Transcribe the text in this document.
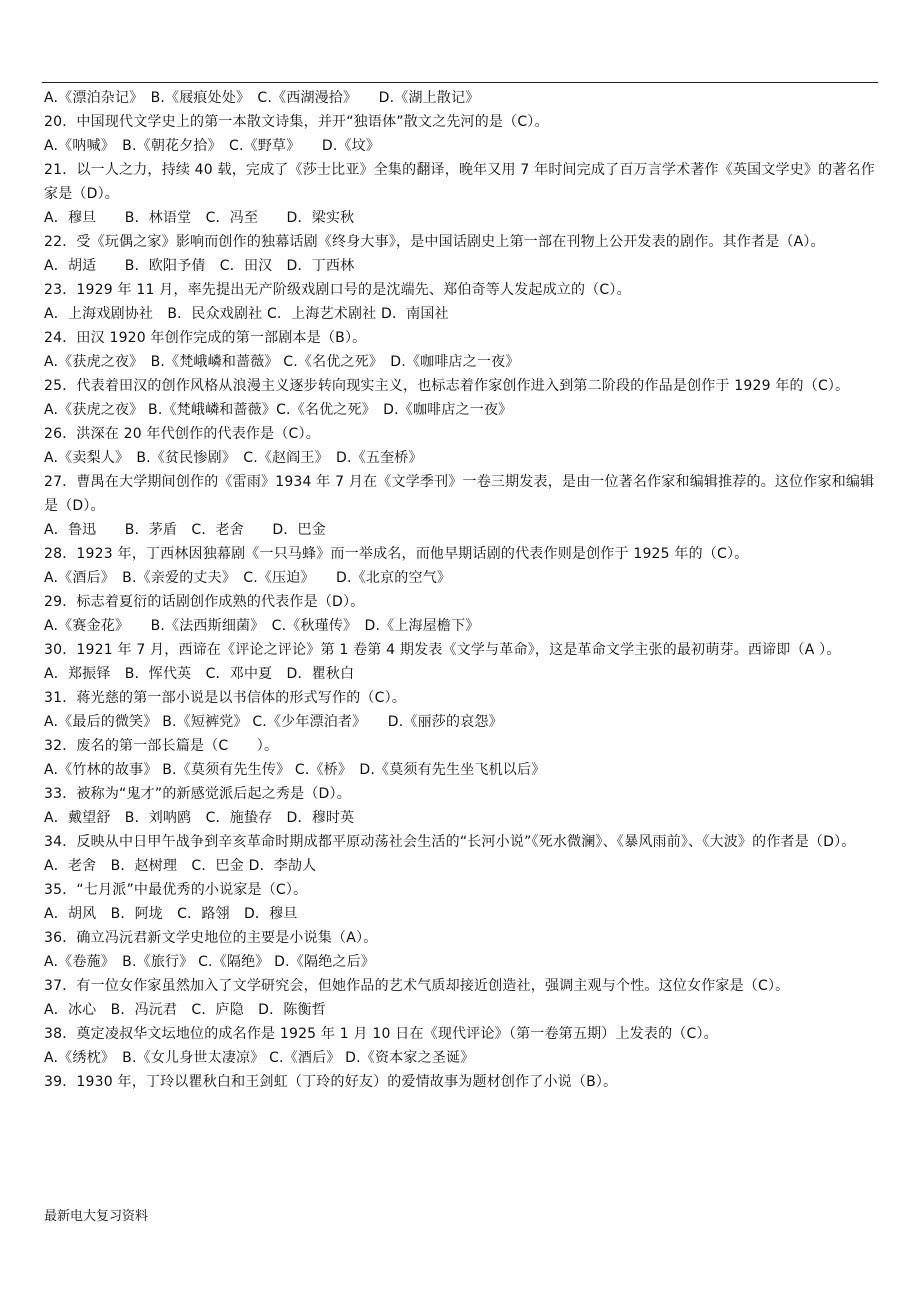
A.《漂泊杂记》　B.《屐痕处处》　C.《西湖漫拾》　　D.《湖上散记》
20．中国现代文学史上的第一本散文诗集，并开“独语体”散文之先河的是（C）。
A.《呐喊》　B.《朝花夕拾》　C.《野草》　　D.《坟》
21．以一人之力，持续 40 载，完成了《莎士比亚》全集的翻译，晚年又用 7 年时间完成了百万言学术著作《英国文学史》的著名作家是（D）。
A．穆旦　　B．林语堂　C．冯至　　D．梁实秋
22．受《玩偶之家》影响而创作的独幕话剧《终身大事》，是中国话剧史上第一部在刊物上公开发表的剧作。其作者是（A）。
A．胡适　　B．欧阳予倩　C．田汉　D．丁西林
23．1929 年 11 月，率先提出无产阶级戏剧口号的是沈端先、郑伯奇等人发起成立的（C）。
A．上海戏剧协社　B．民众戏剧社 C．上海艺术剧社 D．南国社
24．田汉 1920 年创作完成的第一部剧本是（B）。
A.《获虎之夜》　B.《梵峨嶙和蔷薇》 C.《名优之死》　D.《咖啡店之一夜》
25．代表着田汉的创作风格从浪漫主义逐步转向现实主义，也标志着作家创作进入到第二阶段的作品是创作于 1929 年的（C）。
A.《获虎之夜》 B.《梵峨嶙和蔷薇》C.《名优之死》　D.《咖啡店之一夜》
26．洪深在 20 年代创作的代表作是（C）。
A.《卖梨人》　B.《贫民惨剧》　C.《赵阎王》　D.《五奎桥》
27．曹禺在大学期间创作的《雷雨》1934 年 7 月在《文学季刊》一卷三期发表，是由一位著名作家和编辑推荐的。这位作家和编辑是（D）。
A．鲁迅　　B．茅盾　C．老舍　　D．巴金
28．1923 年，丁西林因独幕剧《一只马蜂》而一举成名，而他早期话剧的代表作则是创作于 1925 年的（C）。
A.《酒后》　B.《亲爱的丈夫》　C.《压迫》　　D.《北京的空气》
29．标志着夏衍的话剧创作成熟的代表作是（D）。
A.《赛金花》　　B.《法西斯细菌》　C.《秋瑾传》　D.《上海屋檐下》
30．1921 年 7 月，西谛在《评论之评论》第 1 卷第 4 期发表《文学与革命》，这是革命文学主张的最初萌芽。西谛即（A ）。
A．郑振铎　B．恽代英　C．邓中夏　D．瞿秋白
31．蒋光慈的第一部小说是以书信体的形式写作的（C）。
A.《最后的微笑》 B.《短裤党》 C.《少年漂泊者》　　D.《丽莎的哀怨》
32．废名的第一部长篇是（C　　）。
A.《竹林的故事》 B.《莫须有先生传》 C.《桥》　D.《莫须有先生坐飞机以后》
33．被称为“鬼才”的新感觉派后起之秀是（D）。
A．戴望舒　B．刘呐鸥　C．施蛰存　D．穆时英
34．反映从中日甲午战争到辛亥革命时期成都平原动荡社会生活的“长河小说”《死水微澜》、《暴风雨前》、《大波》的作者是（D）。
A．老舍　B．赵树理　C．巴金 D．李劼人
35．“七月派”中最优秀的小说家是（C）。
A．胡风　B．阿垅　C．路翎　D．穆旦
36．确立冯沅君新文学史地位的主要是小说集（A）。
A.《卷葹》　B.《旅行》 C.《隔绝》 D.《隔绝之后》
37．有一位女作家虽然加入了文学研究会，但她作品的艺术气质却接近创造社，强调主观与个性。这位女作家是（C）。
A．冰心　B．冯沅君　C．庐隐　D．陈衡哲
38．奠定凌叔华文坛地位的成名作是 1925 年 1 月 10 日在《现代评论》（第一卷第五期）上发表的（C）。
A.《绣枕》　B.《女儿身世太凄凉》 C.《酒后》 D.《资本家之圣诞》
39．1930 年，丁玲以瞿秋白和王剑虹（丁玲的好友）的爱情故事为题材创作了小说（B）。
最新电大复习资料
